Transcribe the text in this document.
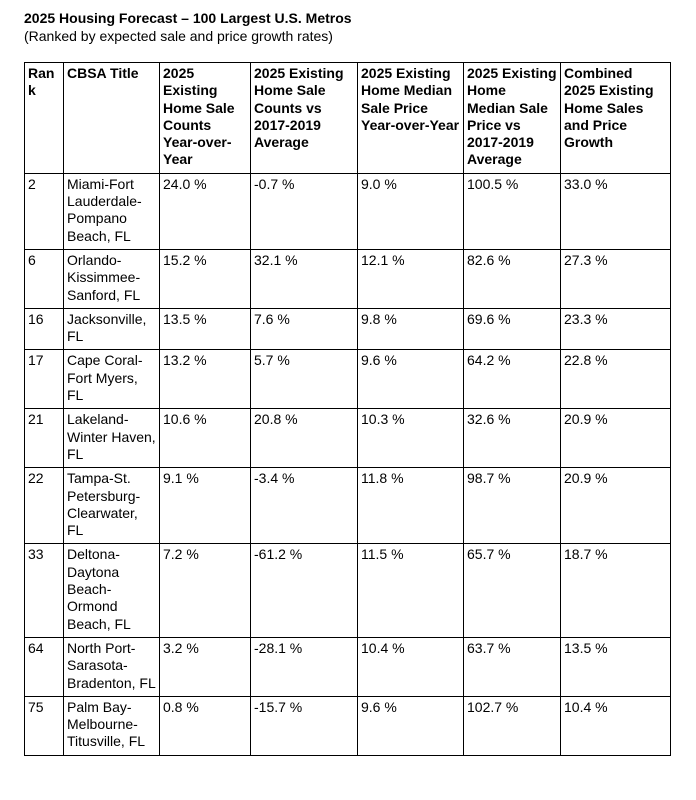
2025 Housing Forecast – 100 Largest U.S. Metros
(Ranked by expected sale and price growth rates)
Rank	CBSA Title	2025 Existing Home Sale Counts Year-over-Year	2025 Existing Home Sale Counts vs 2017-2019 Average	2025 Existing Home Median Sale Price Year-over-Year	2025 Existing Home Median Sale Price vs 2017-2019 Average	Combined 2025 Existing Home Sales and Price Growth
2	Miami-Fort Lauderdale-Pompano Beach, FL	24.0 %	-0.7 %	9.0 %	100.5 %	33.0 %
6	Orlando-Kissimmee-Sanford, FL	15.2 %	32.1 %	12.1 %	82.6 %	27.3 %
16	Jacksonville, FL	13.5 %	7.6 %	9.8 %	69.6 %	23.3 %
17	Cape Coral-Fort Myers, FL	13.2 %	5.7 %	9.6 %	64.2 %	22.8 %
21	Lakeland-Winter Haven, FL	10.6 %	20.8 %	10.3 %	32.6 %	20.9 %
22	Tampa-St. Petersburg-Clearwater, FL	9.1 %	-3.4 %	11.8 %	98.7 %	20.9 %
33	Deltona-Daytona Beach-Ormond Beach, FL	7.2 %	-61.2 %	11.5 %	65.7 %	18.7 %
64	North Port-Sarasota-Bradenton, FL	3.2 %	-28.1 %	10.4 %	63.7 %	13.5 %
75	Palm Bay-Melbourne-Titusville, FL	0.8 %	-15.7 %	9.6 %	102.7 %	10.4 %
